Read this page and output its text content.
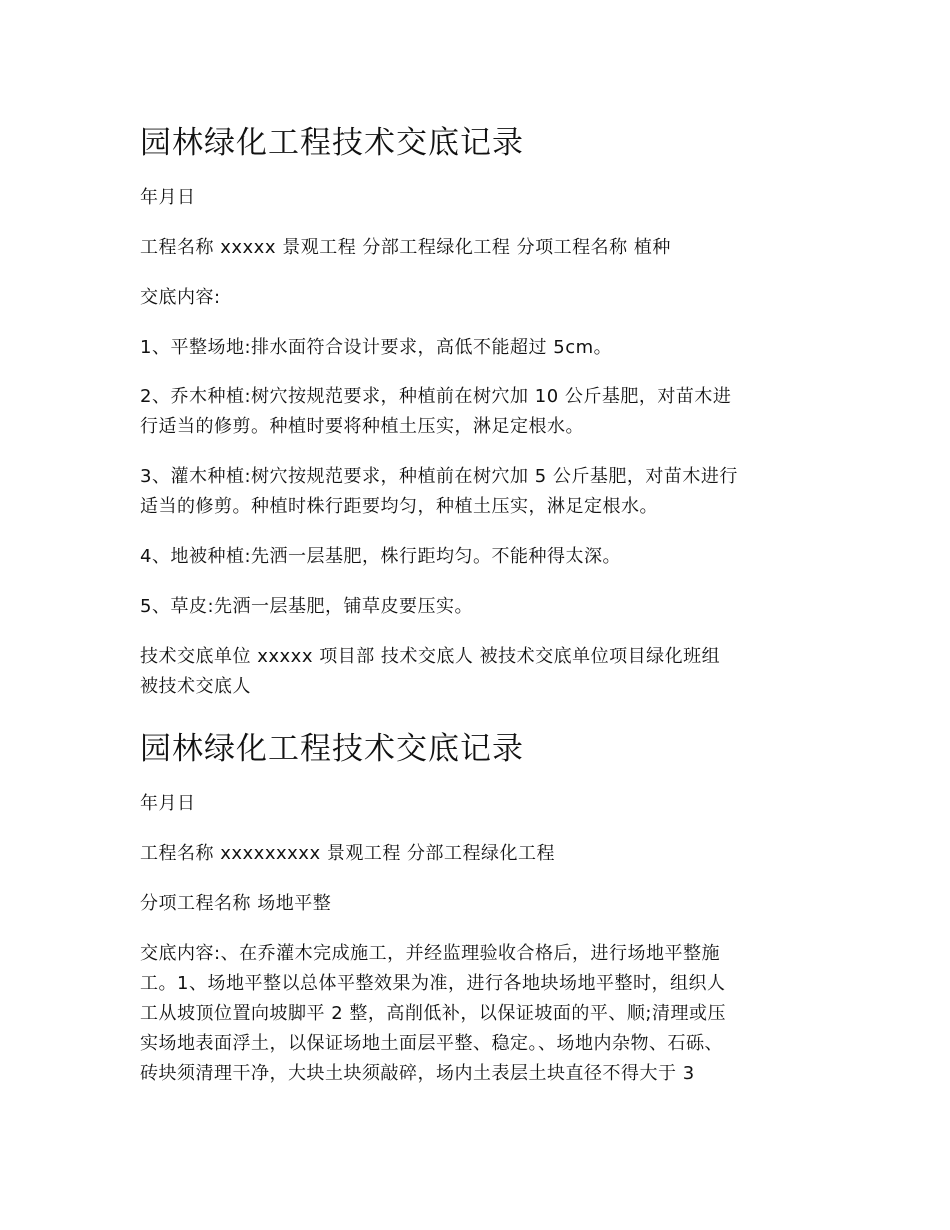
园林绿化工程技术交底记录
年月日
工程名称 xxxxx 景观工程 分部工程绿化工程 分项工程名称 植种
交底内容:
1、平整场地:排水面符合设计要求，高低不能超过 5cm。
2、乔木种植:树穴按规范要求，种植前在树穴加 10 公斤基肥，对苗木进
行适当的修剪。种植时要将种植土压实，淋足定根水。
3、灌木种植:树穴按规范要求，种植前在树穴加 5 公斤基肥，对苗木进行
适当的修剪。种植时株行距要均匀，种植土压实，淋足定根水。
4、地被种植:先洒一层基肥，株行距均匀。不能种得太深。
5、草皮:先洒一层基肥，铺草皮要压实。
技术交底单位 xxxxx 项目部 技术交底人 被技术交底单位项目绿化班组
被技术交底人
园林绿化工程技术交底记录
年月日
工程名称 xxxxxxxxx 景观工程 分部工程绿化工程
分项工程名称 场地平整
交底内容:、在乔灌木完成施工，并经监理验收合格后，进行场地平整施
工。1、场地平整以总体平整效果为准，进行各地块场地平整时，组织人
工从坡顶位置向坡脚平 2 整，高削低补，以保证坡面的平、顺;清理或压
实场地表面浮土，以保证场地土面层平整、稳定。、场地内杂物、石砾、
砖块须清理干净，大块土块须敲碎，场内土表层土块直径不得大于 3
